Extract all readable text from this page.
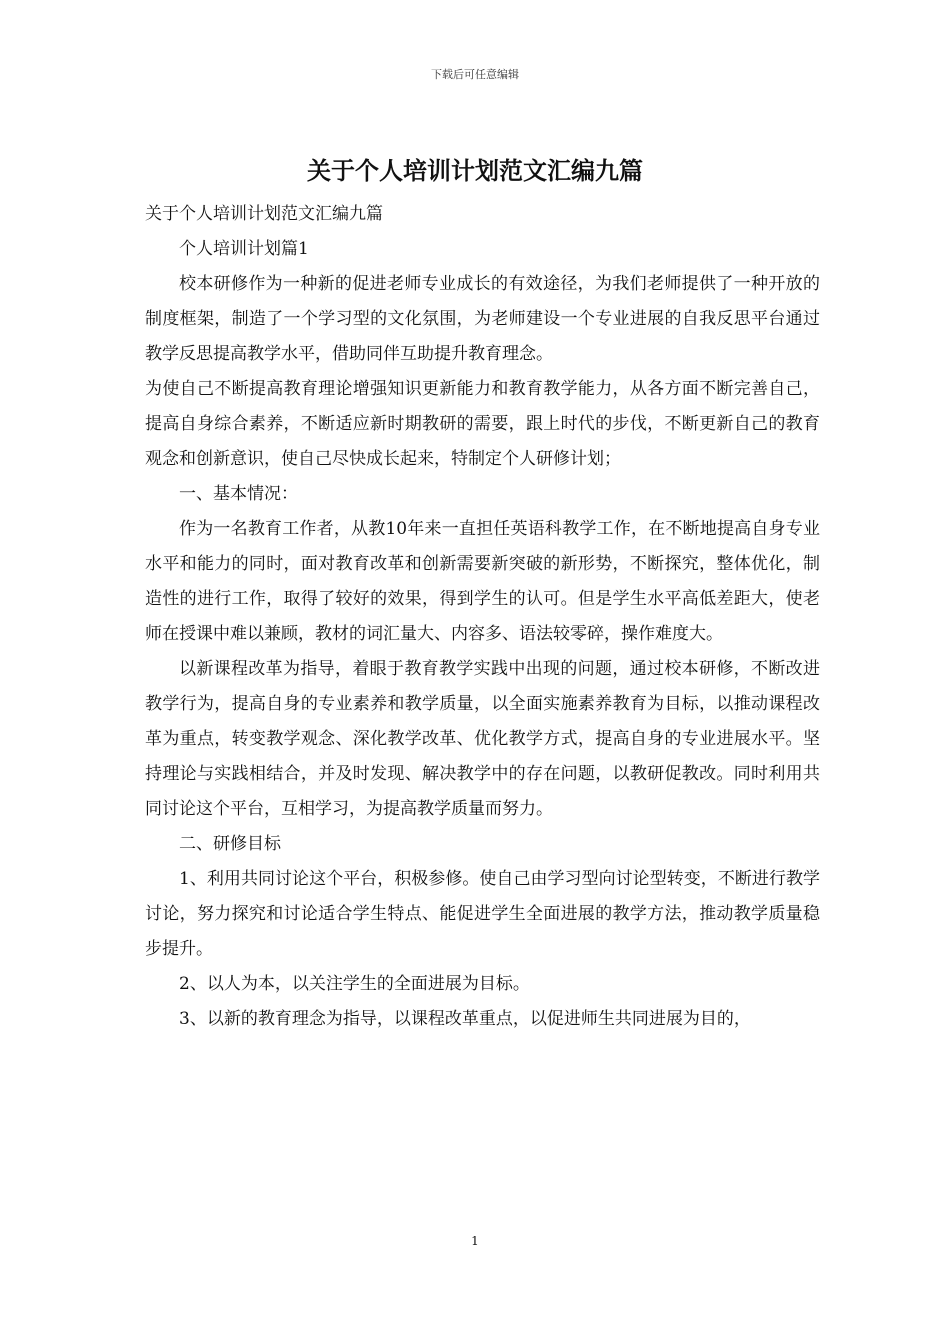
下载后可任意编辑
关于个人培训计划范文汇编九篇

关于个人培训计划范文汇编九篇

个人培训计划篇1

校本研修作为一种新的促进老师专业成长的有效途径，为我们老师提供了一种开放的制度框架，制造了一个学习型的文化氛围，为老师建设一个专业进展的自我反思平台通过教学反思提高教学水平，借助同伴互助提升教育理念。

为使自己不断提高教育理论增强知识更新能力和教育教学能力，从各方面不断完善自己，提高自身综合素养，不断适应新时期教研的需要，跟上时代的步伐，不断更新自己的教育观念和创新意识，使自己尽快成长起来，特制定个人研修计划；

一、基本情况：

作为一名教育工作者，从教10年来一直担任英语科教学工作，在不断地提高自身专业水平和能力的同时，面对教育改革和创新需要新突破的新形势，不断探究，整体优化，制造性的进行工作，取得了较好的效果，得到学生的认可。但是学生水平高低差距大，使老师在授课中难以兼顾，教材的词汇量大、内容多、语法较零碎，操作难度大。

以新课程改革为指导，着眼于教育教学实践中出现的问题，通过校本研修，不断改进教学行为，提高自身的专业素养和教学质量，以全面实施素养教育为目标，以推动课程改革为重点，转变教学观念、深化教学改革、优化教学方式，提高自身的专业进展水平。坚持理论与实践相结合，并及时发现、解决教学中的存在问题，以教研促教改。同时利用共同讨论这个平台，互相学习，为提高教学质量而努力。

二、研修目标

1、利用共同讨论这个平台，积极参修。使自己由学习型向讨论型转变，不断进行教学讨论，努力探究和讨论适合学生特点、能促进学生全面进展的教学方法，推动教学质量稳步提升。

2、以人为本，以关注学生的全面进展为目标。

3、以新的教育理念为指导，以课程改革重点，以促进师生共同进展为目的，

1
